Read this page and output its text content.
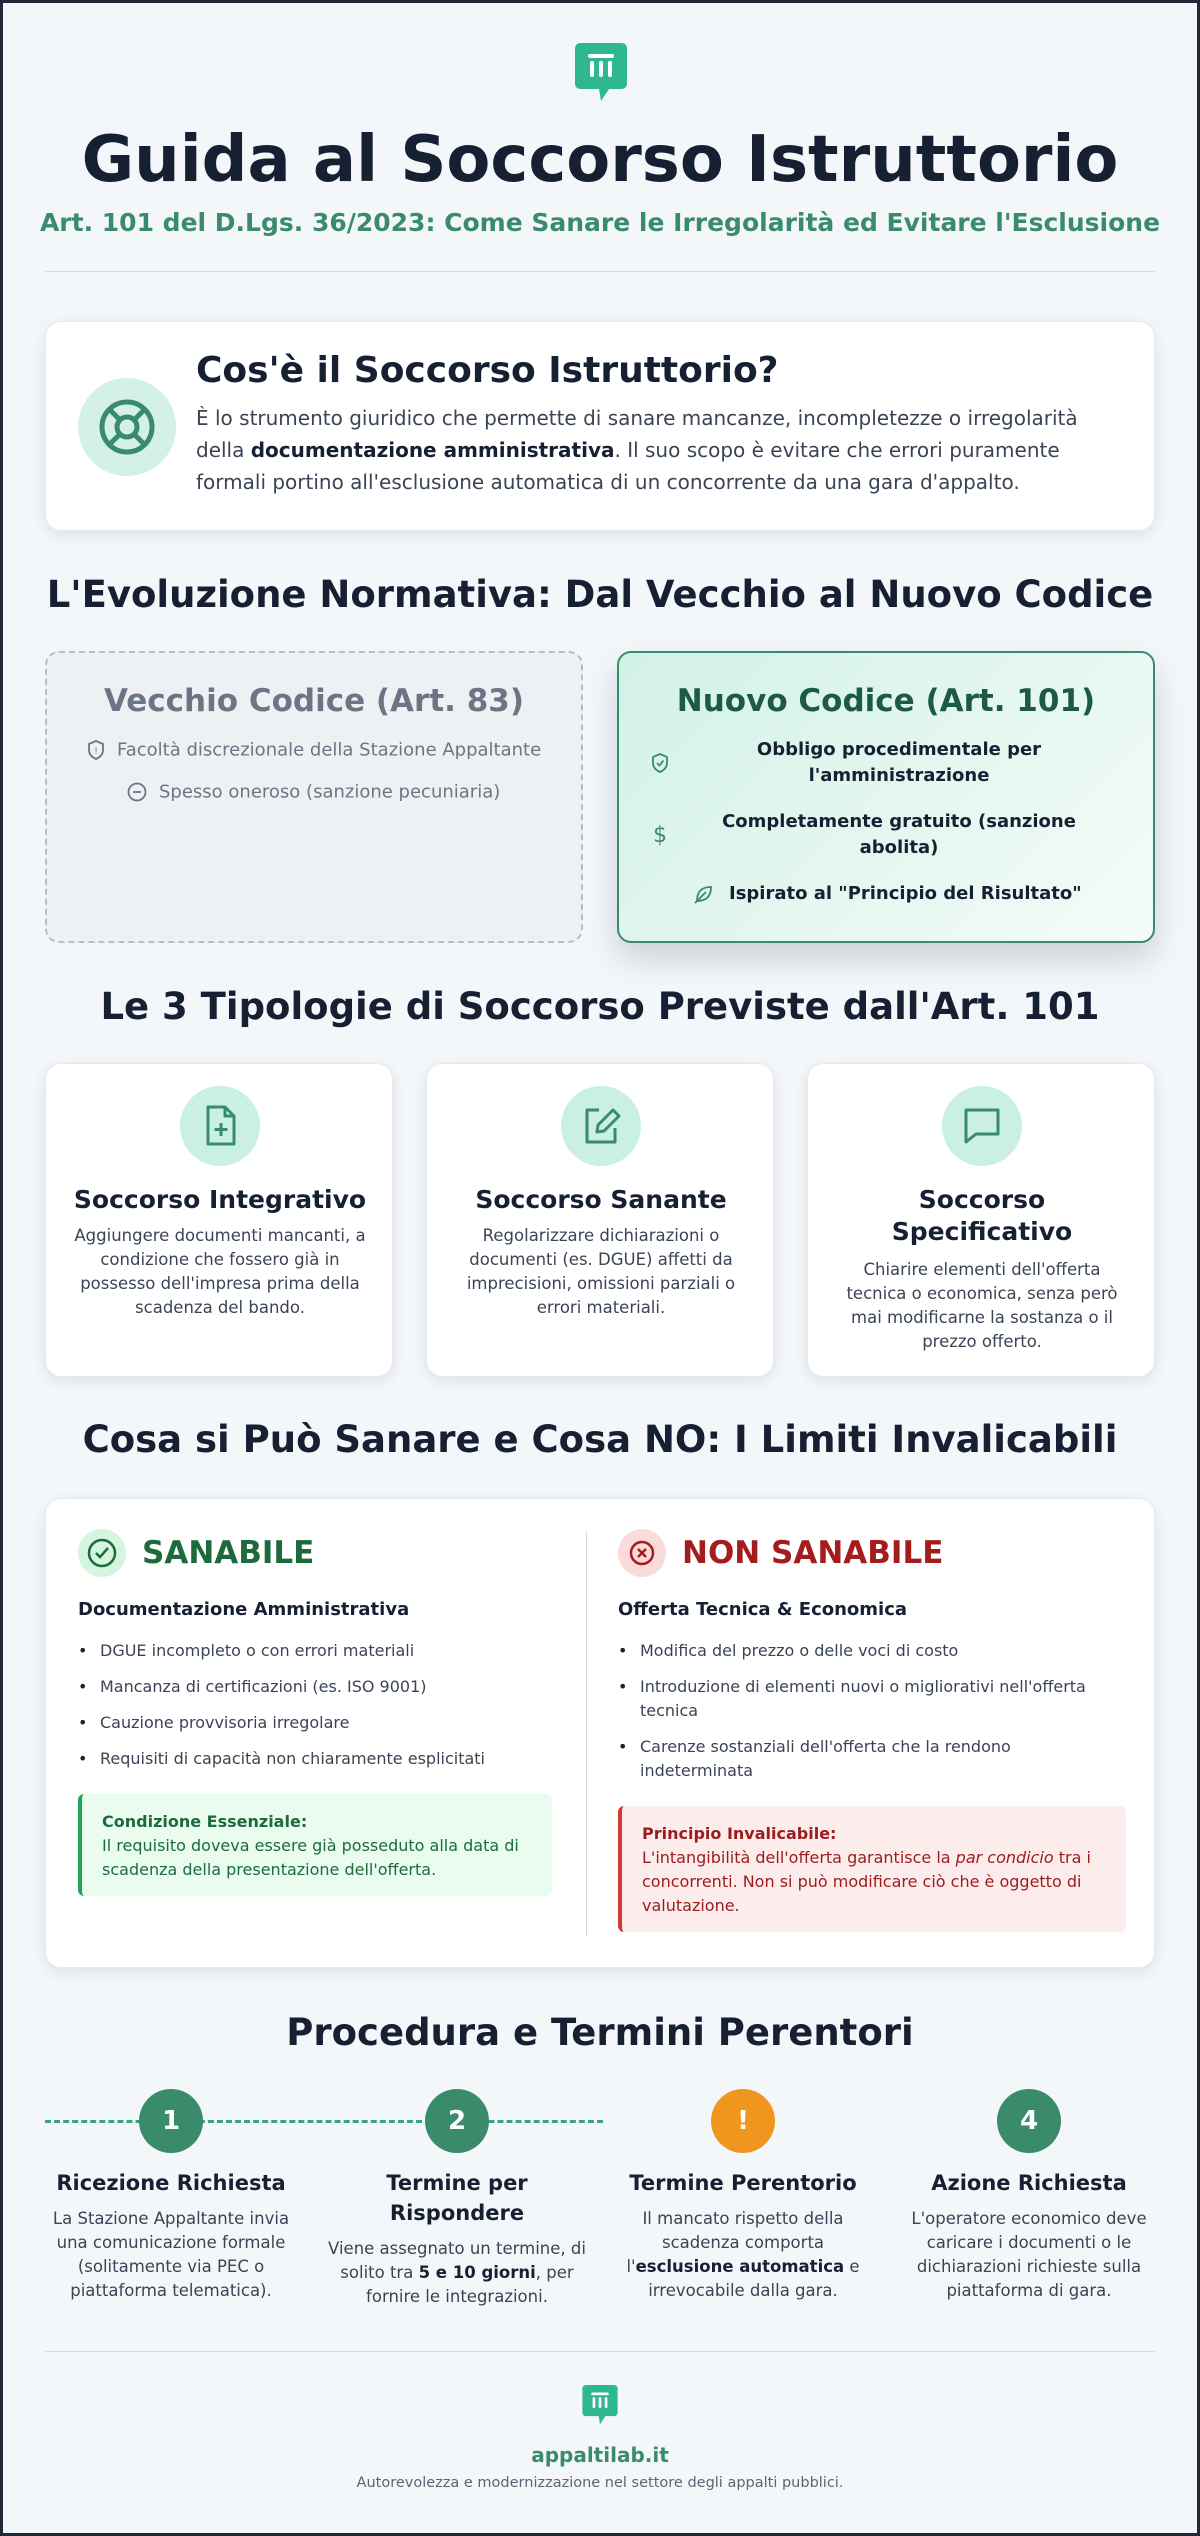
Guida al Soccorso Istruttorio
Art. 101 del D.Lgs. 36/2023: Come Sanare le Irregolarità ed Evitare l'Esclusione
Cos'è il Soccorso Istruttorio?
È lo strumento giuridico che permette di sanare mancanze, incompletezze o irregolarità della documentazione amministrativa. Il suo scopo è evitare che errori puramente formali portino all'esclusione automatica di un concorrente da una gara d'appalto.
L'Evoluzione Normativa: Dal Vecchio al Nuovo Codice
Vecchio Codice (Art. 83)
! Facoltà discrezionale della Stazione Appaltante
Spesso oneroso (sanzione pecuniaria)
Nuovo Codice (Art. 101)
Obbligo procedimentale per l'amministrazione
$
Completamente gratuito (sanzione abolita)
Ispirato al "Principio del Risultato"
Le 3 Tipologie di Soccorso Previste dall'Art. 101
Soccorso Integrativo
Aggiungere documenti mancanti, a condizione che fossero già in possesso dell'impresa prima della scadenza del bando.
Soccorso Sanante
Regolarizzare dichiarazioni o documenti (es. DGUE) affetti da imprecisioni, omissioni parziali o errori materiali.
Soccorso Specificativo
Chiarire elementi dell'offerta tecnica o economica, senza però mai modificarne la sostanza o il prezzo offerto.
Cosa si Può Sanare e Cosa NO: I Limiti Invalicabili
SANABILE
Documentazione Amministrativa
• DGUE incompleto o con errori materiali
• Mancanza di certificazioni (es. ISO 9001)
• Cauzione provvisoria irregolare
• Requisiti di capacità non chiaramente esplicitati
Condizione Essenziale:
Il requisito doveva essere già posseduto alla data di scadenza della presentazione dell'offerta.
NON SANABILE
Offerta Tecnica & Economica
• Modifica del prezzo o delle voci di costo
• Introduzione di elementi nuovi o migliorativi nell'offerta tecnica
• Carenze sostanziali dell'offerta che la rendono indeterminata
Principio Invalicabile:
L'intangibilità dell'offerta garantisce la par condicio tra i concorrenti. Non si può modificare ciò che è oggetto di valutazione.
Procedura e Termini Perentori
1
Ricezione Richiesta
La Stazione Appaltante invia una comunicazione formale (solitamente via PEC o piattaforma telematica).
2
Termine per Rispondere
Viene assegnato un termine, di solito tra 5 e 10 giorni, per fornire le integrazioni.
!
Termine Perentorio
Il mancato rispetto della scadenza comporta l'esclusione automatica e irrevocabile dalla gara.
4
Azione Richiesta
L'operatore economico deve caricare i documenti o le dichiarazioni richieste sulla piattaforma di gara.
appaltilab.it
Autorevolezza e modernizzazione nel settore degli appalti pubblici.
